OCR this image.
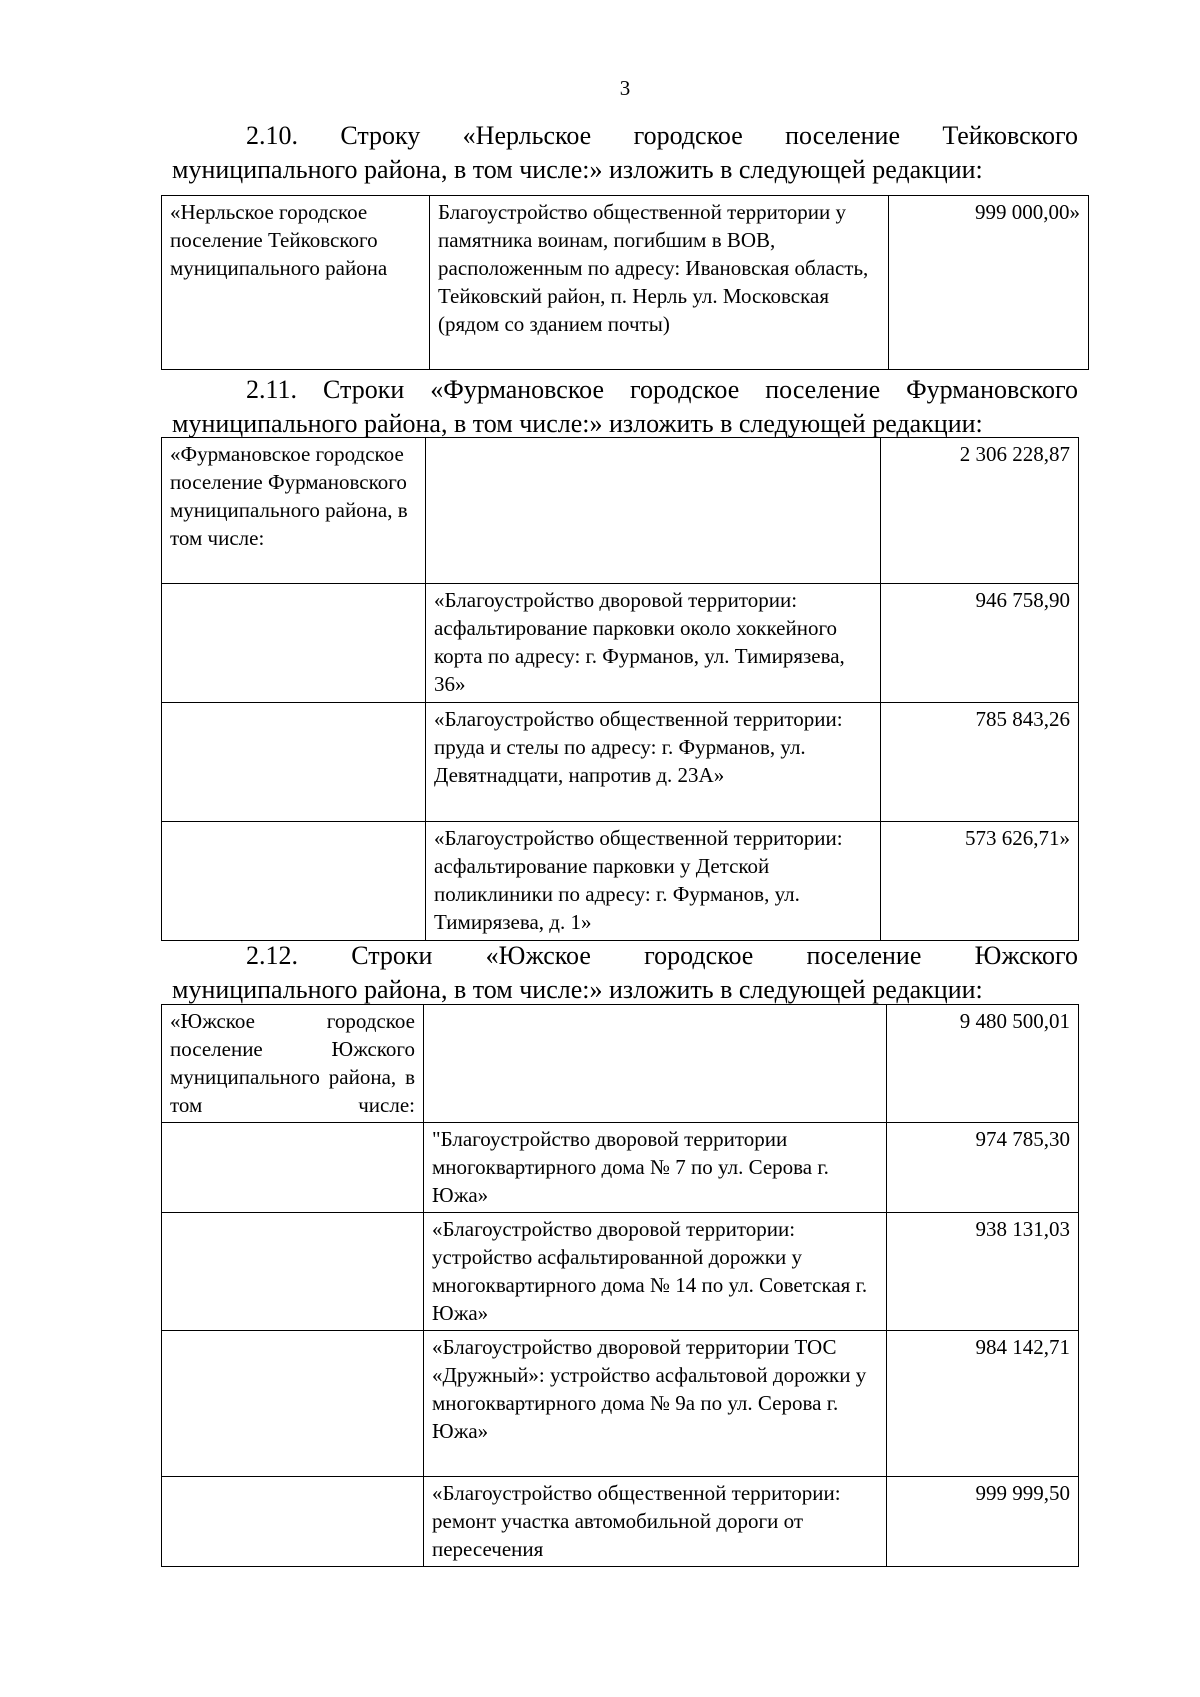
3

2.10. Строку «Нерльское городское поселение Тейковского
муниципального района, в том числе:» изложить в следующей редакции:

«Нерльское городское поселение Тейковского муниципального района	Благоустройство общественной территории у памятника воинам, погибшим в ВОВ, расположенным по адресу: Ивановская область, Тейковский район, п. Нерль ул. Московская (рядом со зданием почты)	999 000,00»

2.11. Строки «Фурмановское городское поселение Фурмановского
муниципального района, в том числе:» изложить в следующей редакции:

«Фурмановское городское поселение Фурмановского муниципального района, в том числе:		2 306 228,87
	«Благоустройство дворовой территории: асфальтирование парковки около хоккейного корта по адресу: г. Фурманов, ул. Тимирязева, 36»	946 758,90
	«Благоустройство общественной территории: пруда и стелы по адресу: г. Фурманов, ул. Девятнадцати, напротив д. 23А»	785 843,26
	«Благоустройство общественной территории: асфальтирование парковки у Детской поликлиники по адресу: г. Фурманов, ул. Тимирязева, д. 1»	573 626,71»

2.12. Строки «Южское городское поселение Южского
муниципального района, в том числе:» изложить в следующей редакции:

«Южское городское поселение Южского муниципального района, в том числе:		9 480 500,01
	"Благоустройство дворовой территории многоквартирного дома № 7 по ул. Серова г. Южа»	974 785,30
	«Благоустройство дворовой территории: устройство асфальтированной дорожки у многоквартирного дома № 14 по ул. Советская г. Южа»	938 131,03
	«Благоустройство дворовой территории ТОС «Дружный»: устройство асфальтовой дорожки у многоквартирного дома № 9а по ул. Серова г. Южа»	984 142,71
	«Благоустройство общественной территории: ремонт участка автомобильной дороги от пересечения	999 999,50
